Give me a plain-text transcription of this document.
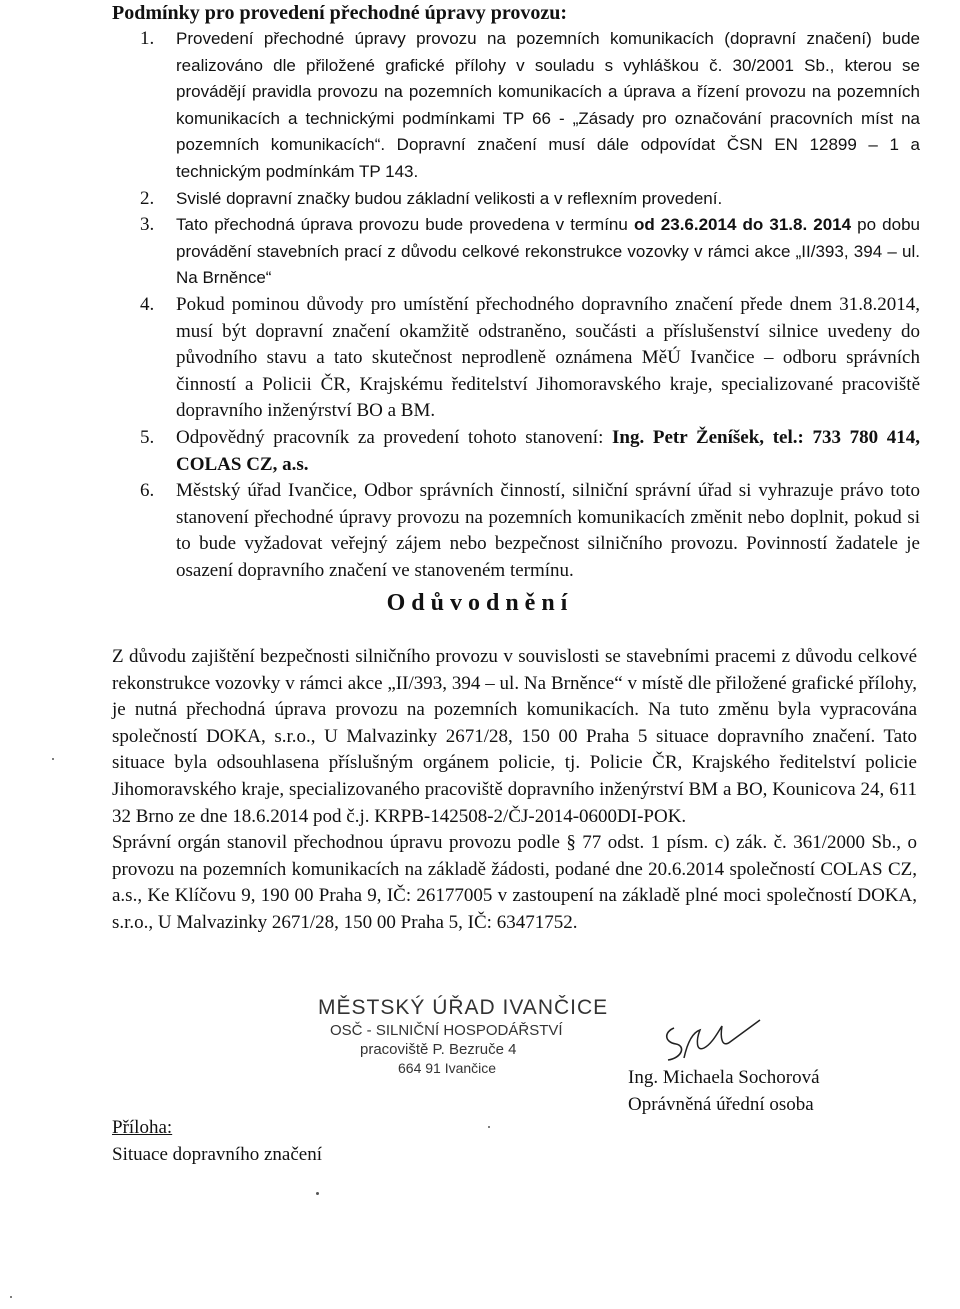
Podmínky pro provedení přechodné úpravy provozu:
1. Provedení přechodné úpravy provozu na pozemních komunikacích (dopravní značení) bude realizováno dle přiložené grafické přílohy v souladu s vyhláškou č. 30/2001 Sb., kterou se provádějí pravidla provozu na pozemních komunikacích a úprava a řízení provozu na pozemních komunikacích a technickými podmínkami TP 66 - „Zásady pro označování pracovních míst na pozemních komunikacích“. Dopravní značení musí dále odpovídat ČSN EN 12899 – 1 a technickým podmínkám TP 143.
2. Svislé dopravní značky budou základní velikosti a v reflexním provedení.
3. Tato přechodná úprava provozu bude provedena v termínu od 23.6.2014 do 31.8. 2014 po dobu provádění stavebních prací z důvodu celkové rekonstrukce vozovky v rámci akce „II/393, 394 – ul. Na Brněnce“
4. Pokud pominou důvody pro umístění přechodného dopravního značení přede dnem 31.8.2014, musí být dopravní značení okamžitě odstraněno, součásti a příslušenství silnice uvedeny do původního stavu a tato skutečnost neprodleně oznámena MěÚ Ivančice – odboru správních činností a Policii ČR, Krajskému ředitelství Jihomoravského kraje, specializované pracoviště dopravního inženýrství BO a BM.
5. Odpovědný pracovník za provedení tohoto stanovení: Ing. Petr Ženíšek, tel.: 733 780 414, COLAS CZ, a.s.
6. Městský úřad Ivančice, Odbor správních činností, silniční správní úřad si vyhrazuje právo toto stanovení přechodné úpravy provozu na pozemních komunikacích změnit nebo doplnit, pokud si to bude vyžadovat veřejný zájem nebo bezpečnost silničního provozu. Povinností žadatele je osazení dopravního značení ve stanoveném termínu.
Odůvodnění

Z důvodu zajištění bezpečnosti silničního provozu v souvislosti se stavebními pracemi z důvodu celkové rekonstrukce vozovky v rámci akce „II/393, 394 – ul. Na Brněnce“ v místě dle přiložené grafické přílohy, je nutná přechodná úprava provozu na pozemních komunikacích. Na tuto změnu byla vypracována společností DOKA, s.r.o., U Malvazinky 2671/28, 150 00 Praha 5 situace dopravního značení. Tato situace byla odsouhlasena příslušným orgánem policie, tj. Policie ČR, Krajského ředitelství policie Jihomoravského kraje, specializovaného pracoviště dopravního inženýrství BM a BO, Kounicova 24, 611 32 Brno ze dne 18.6.2014 pod č.j. KRPB-142508-2/ČJ-2014-0600DI-POK.

Správní orgán stanovil přechodnou úpravu provozu podle § 77 odst. 1 písm. c) zák. č. 361/2000 Sb., o provozu na pozemních komunikacích na základě žádosti, podané dne 20.6.2014 společností COLAS CZ, a.s., Ke Klíčovu 9, 190 00 Praha 9, IČ: 26177005 v zastoupení na základě plné moci společností DOKA, s.r.o., U Malvazinky 2671/28, 150 00 Praha 5, IČ: 63471752.

MĚSTSKÝ ÚŘAD IVANČICE
OSČ - SILNIČNÍ HOSPODÁŘSTVÍ
pracoviště P. Bezruče 4
664 91 Ivančice	Ing. Michaela Sochorová
Oprávněná úřední osoba
Příloha:
Situace dopravního značení
